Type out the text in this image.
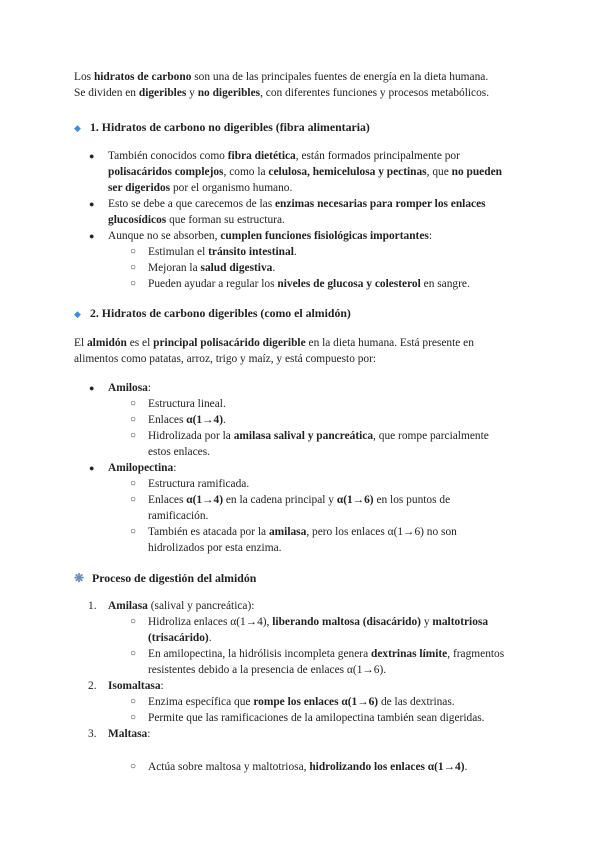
Los hidratos de carbono son una de las principales fuentes de energía en la dieta humana.

Se dividen en digeribles y no digeribles, con diferentes funciones y procesos metabólicos.

◆ 1. Hidratos de carbono no digeribles (fibra alimentaria)
● También conocidos como fibra dietética, están formados principalmente por

polisacáridos complejos, como la celulosa, hemicelulosa y pectinas, que no pueden

ser digeridos por el organismo humano.

● Esto se debe a que carecemos de las enzimas necesarias para romper los enlaces

glucosídicos que forman su estructura.

● Aunque no se absorben, cumplen funciones fisiológicas importantes:

○ Estimulan el tránsito intestinal.

○ Mejoran la salud digestiva.

○ Pueden ayudar a regular los niveles de glucosa y colesterol en sangre.

◆ 2. Hidratos de carbono digeribles (como el almidón)

El almidón es el principal polisacárido digerible en la dieta humana. Está presente en

alimentos como patatas, arroz, trigo y maíz, y está compuesto por:

● Amilosa:

○ Estructura lineal.

○ Enlaces α(1→4).

○ Hidrolizada por la amilasa salival y pancreática, que rompe parcialmente

estos enlaces.

● Amilopectina:

○ Estructura ramificada.

○ Enlaces α(1→4) en la cadena principal y α(1→6) en los puntos de

ramificación.

○ También es atacada por la amilasa, pero los enlaces α(1→6) no son

hidrolizados por esta enzima.

❋ Proceso de digestión del almidón
1. Amilasa (salival y pancreática):

○ Hidroliza enlaces α(1→4), liberando maltosa (disacárido) y maltotriosa

(trisacárido).

○ En amilopectina, la hidrólisis incompleta genera dextrinas límite, fragmentos

resistentes debido a la presencia de enlaces α(1→6).

2. Isomaltasa:

○ Enzima específica que rompe los enlaces α(1→6) de las dextrinas.

○ Permite que las ramificaciones de la amilopectina también sean digeridas.

3. Maltasa:

○ Actúa sobre maltosa y maltotriosa, hidrolizando los enlaces α(1→4).
